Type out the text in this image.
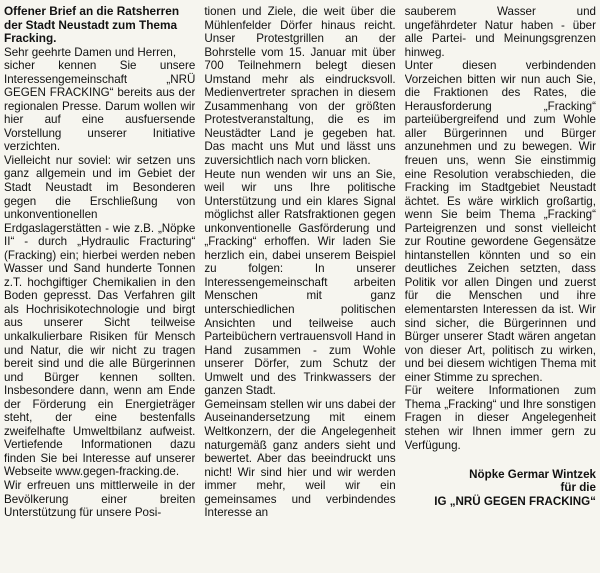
Offener Brief an die Ratsherren der Stadt Neustadt zum Thema Fracking.

Sehr geehrte Damen und Herren,

sicher kennen Sie unsere Interessengemeinschaft „NRÜ GEGEN FRACKING“ bereits aus der regionalen Presse. Darum wollen wir hier auf eine ausfuersende Vorstellung unserer Initiative verzichten.

Vielleicht nur soviel: wir setzen uns ganz allgemein und im Gebiet der Stadt Neustadt im Besonderen gegen die Erschließung von unkonventionellen Erdgaslagerstätten - wie z.B. „Nöpke II“ - durch „Hydraulic Fracturing“ (Fracking) ein; hierbei werden neben Wasser und Sand hunderte Tonnen z.T. hochgiftiger Chemikalien in den Boden gepresst. Das Verfahren gilt als Hochrisikotechnologie und birgt aus unserer Sicht teilweise unkalkulierbare Risiken für Mensch und Natur, die wir nicht zu tragen bereit sind und die alle Bürgerinnen und Bürger kennen sollten. Insbesondere dann, wenn am Ende der Förderung ein Energieträger steht, der eine bestenfalls zweifelhafte Umweltbilanz aufweist. Vertiefende Informationen dazu finden Sie bei Interesse auf unserer Webseite www.gegen-fracking.de.

Wir erfreuen uns mittlerweile in der Bevölkerung einer breiten Unterstützung für unsere Posi-

tionen und Ziele, die weit über die Mühlenfelder Dörfer hinaus reicht. Unser Protestgrillen an der Bohrstelle vom 15. Januar mit über 700 Teilnehmern belegt diesen Umstand mehr als eindrucksvoll. Medienvertreter sprachen in diesem Zusammenhang von der größten Protestveranstaltung, die es im Neustädter Land je gegeben hat. Das macht uns Mut und lässt uns zuversichtlich nach vorn blicken.

Heute nun wenden wir uns an Sie, weil wir uns Ihre politische Unterstützung und ein klares Signal möglichst aller Ratsfraktionen gegen unkonventionelle Gasförderung und „Fracking“ erhoffen. Wir laden Sie herzlich ein, dabei unserem Beispiel zu folgen: In unserer Interessengemeinschaft arbeiten Menschen mit ganz unterschiedlichen politischen Ansichten und teilweise auch Parteibüchern vertrauensvoll Hand in Hand zusammen - zum Wohle unserer Dörfer, zum Schutz der Umwelt und des Trinkwassers der ganzen Stadt.

Gemeinsam stellen wir uns dabei der Auseinandersetzung mit einem Weltkonzern, der die Angelegenheit naturgemäß ganz anders sieht und bewertet. Aber das beeindruckt uns nicht! Wir sind hier und wir werden immer mehr, weil wir ein gemeinsames und verbindendes Interesse an

sauberem Wasser und ungefährdeter Natur haben - über alle Partei- und Meinungsgrenzen hinweg.

Unter diesen verbindenden Vorzeichen bitten wir nun auch Sie, die Fraktionen des Rates, die Herausforderung „Fracking“ parteiübergreifend und zum Wohle aller Bürgerinnen und Bürger anzunehmen und zu bewegen. Wir freuen uns, wenn Sie einstimmig eine Resolution verabschieden, die Fracking im Stadtgebiet Neustadt ächtet. Es wäre wirklich großartig, wenn Sie beim Thema „Fracking“ Parteigrenzen und sonst vielleicht zur Routine gewordene Gegensätze hintanstellen könnten und so ein deutliches Zeichen setzten, dass Politik vor allen Dingen und zuerst für die Menschen und ihre elementarsten Interessen da ist. Wir sind sicher, die Bürgerinnen und Bürger unserer Stadt wären angetan von dieser Art, politisch zu wirken, und bei diesem wichtigen Thema mit einer Stimme zu sprechen.

Für weitere Informationen zum Thema „Fracking“ und Ihre sonstigen Fragen in dieser Angelegenheit stehen wir Ihnen immer gern zu Verfügung.

Nöpke Germar Wintzek
für die
IG „NRÜ GEGEN FRACKING“
